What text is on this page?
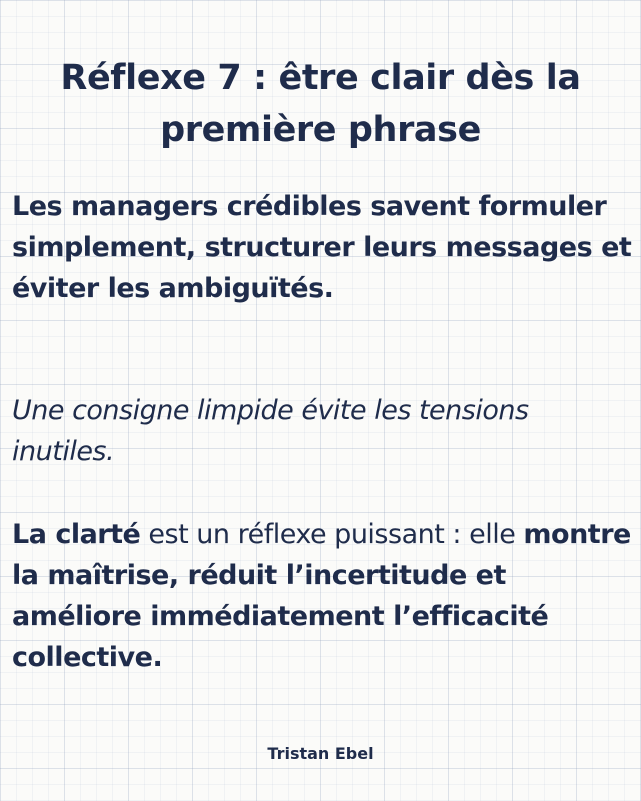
Réflexe 7 : être clair dès la première phrase

Les managers crédibles savent formuler simplement, structurer leurs messages et éviter les ambiguïtés.

Une consigne limpide évite les tensions inutiles.

La clarté est un réflexe puissant : elle montre la maîtrise, réduit l’incertitude et améliore immédiatement l’efficacité collective.

Tristan Ebel
